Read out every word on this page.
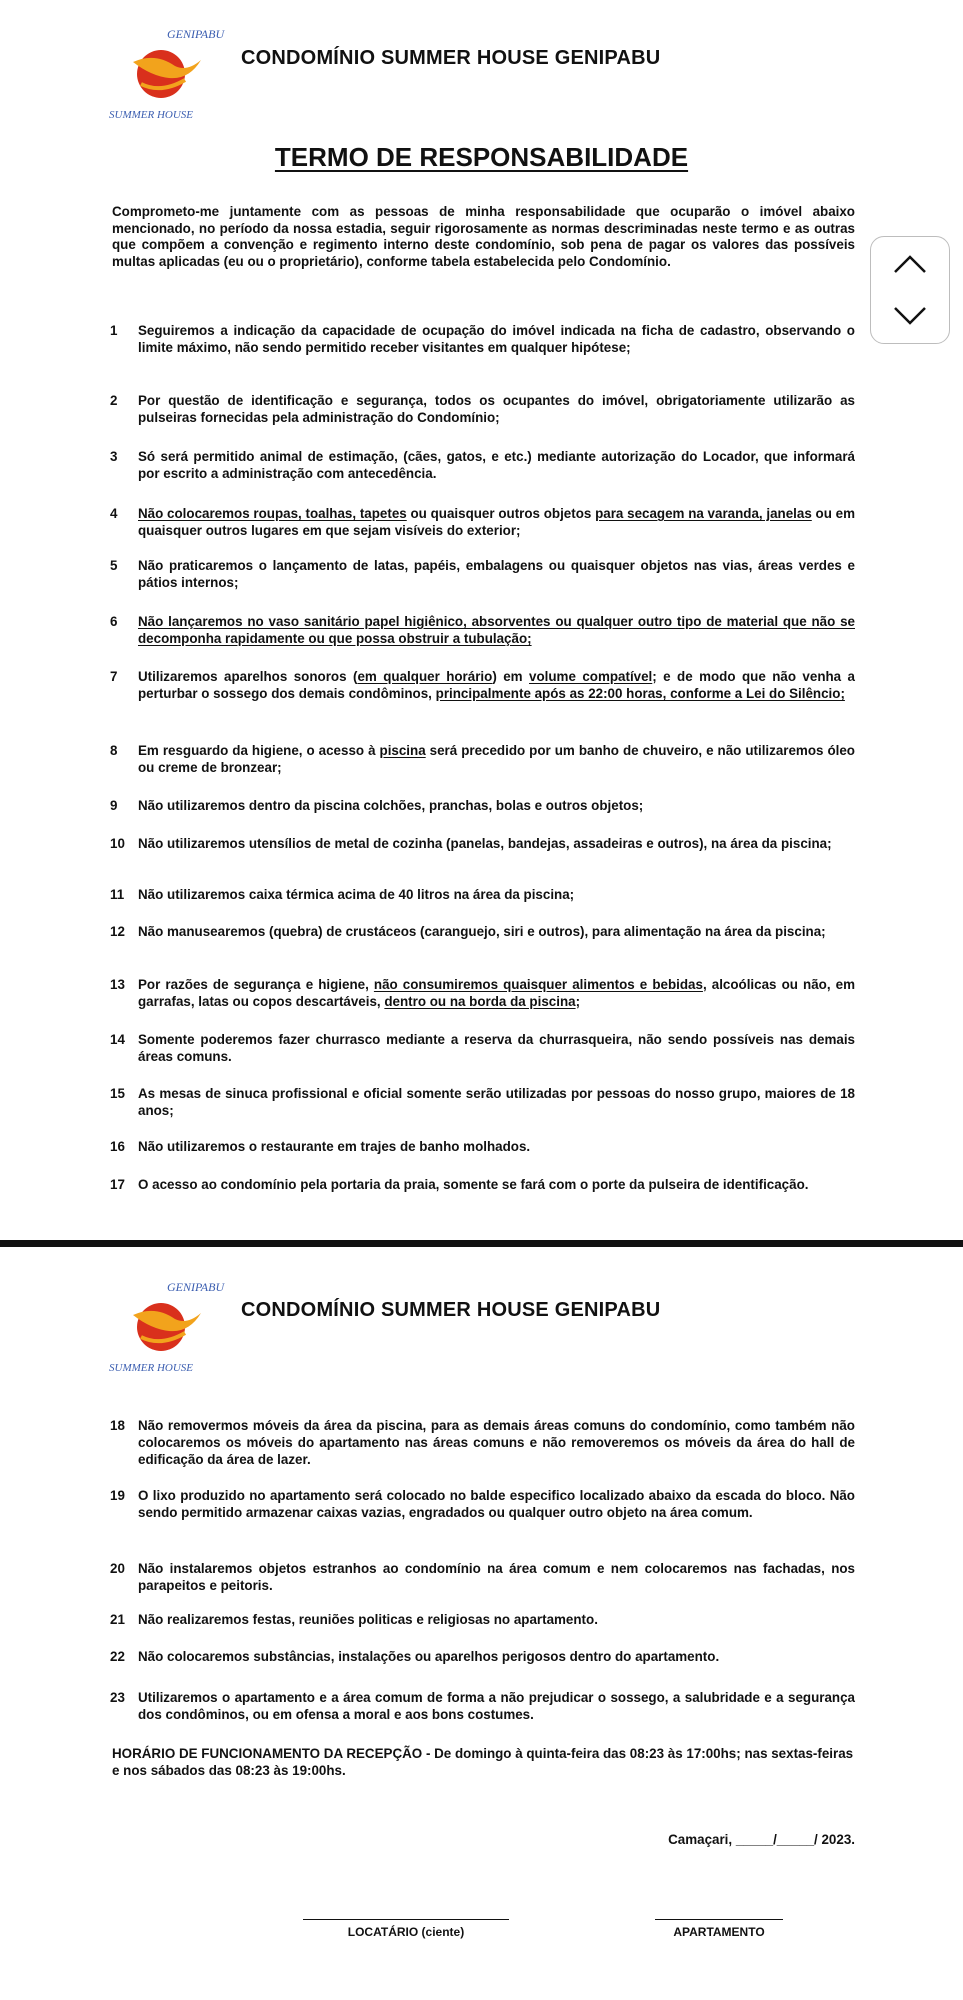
GENIPABU
SUMMER HOUSE
CONDOMÍNIO SUMMER HOUSE GENIPABU
TERMO DE RESPONSABILIDADE
Comprometo-me juntamente com as pessoas de minha responsabilidade que ocuparão o imóvel abaixo mencionado, no período da nossa estadia, seguir rigorosamente as normas descriminadas neste termo e as outras que compõem a convenção e regimento interno deste condomínio, sob pena de pagar os valores das possíveis multas aplicadas (eu ou o proprietário), conforme tabela estabelecida pelo Condomínio.
GENIPABU
SUMMER HOUSE
CONDOMÍNIO SUMMER HOUSE GENIPABU
1	Seguiremos a indicação da capacidade de ocupação do imóvel indicada na ficha de cadastro, observando o limite máximo, não sendo permitido receber visitantes em qualquer hipótese;
2	Por questão de identificação e segurança, todos os ocupantes do imóvel, obrigatoriamente utilizarão as pulseiras fornecidas pela administração do Condomínio;
3	Só será permitido animal de estimação, (cães, gatos, e etc.) mediante autorização do Locador, que informará por escrito a administração com antecedência.
4	Não colocaremos roupas, toalhas, tapetes ou quaisquer outros objetos para secagem na varanda, janelas ou em quaisquer outros lugares em que sejam visíveis do exterior;
5	Não praticaremos o lançamento de latas, papéis, embalagens ou quaisquer objetos nas vias, áreas verdes e pátios internos;
6	Não lançaremos no vaso sanitário papel higiênico, absorventes ou qualquer outro tipo de material que não se decomponha rapidamente ou que possa obstruir a tubulação;
7	Utilizaremos aparelhos sonoros (em qualquer horário) em volume compatível; e de modo que não venha a perturbar o sossego dos demais condôminos, principalmente após as 22:00 horas, conforme a Lei do Silêncio;
8	Em resguardo da higiene, o acesso à piscina será precedido por um banho de chuveiro, e não utilizaremos óleo ou creme de bronzear;
9	Não utilizaremos dentro da piscina colchões, pranchas, bolas e outros objetos;
10 Não utilizaremos utensílios de metal de cozinha (panelas, bandejas, assadeiras e outros), na área da piscina;
11	Não utilizaremos caixa térmica acima de 40 litros na área da piscina;
12 Não manusearemos (quebra) de crustáceos (caranguejo, siri e outros), para alimentação na área da piscina;
13 Por razões de segurança e higiene, não consumiremos quaisquer alimentos e bebidas, alcoólicas ou não, em garrafas, latas ou copos descartáveis, dentro ou na borda da piscina;
14 Somente poderemos fazer churrasco mediante a reserva da churrasqueira, não sendo possíveis nas demais áreas comuns.
15 As mesas de sinuca profissional e oficial somente serão utilizadas por pessoas do nosso grupo, maiores de 18 anos;
16 Não utilizaremos o restaurante em trajes de banho molhados.
17 O acesso ao condomínio pela portaria da praia, somente se fará com o porte da pulseira de identificação.
18 Não removermos móveis da área da piscina, para as demais áreas comuns do condomínio, como também não colocaremos os móveis do apartamento nas áreas comuns e não removeremos os móveis da área do hall de edificação da área de lazer.
19 O lixo produzido no apartamento será colocado no balde especifico localizado abaixo da escada do bloco. Não sendo permitido armazenar caixas vazias, engradados ou qualquer outro objeto na área comum.
20 Não instalaremos objetos estranhos ao condomínio na área comum e nem colocaremos nas fachadas, nos parapeitos e peitoris.
21 Não realizaremos festas, reuniões politicas e religiosas no apartamento.
22 Não colocaremos substâncias, instalações ou aparelhos perigosos dentro do apartamento.
23 Utilizaremos o apartamento e a área comum de forma a não prejudicar o sossego, a salubridade e a segurança dos condôminos, ou em ofensa a moral e aos bons costumes.
HORÁRIO DE FUNCIONAMENTO DA RECEPÇÃO - De domingo à quinta-feira das 08:23 às 17:00hs; nas sextas-feiras e nos sábados das 08:23 às 19:00hs.
Camaçari, _____/_____/ 2023.
LOCATÁRIO (ciente)	APARTAMENTO
